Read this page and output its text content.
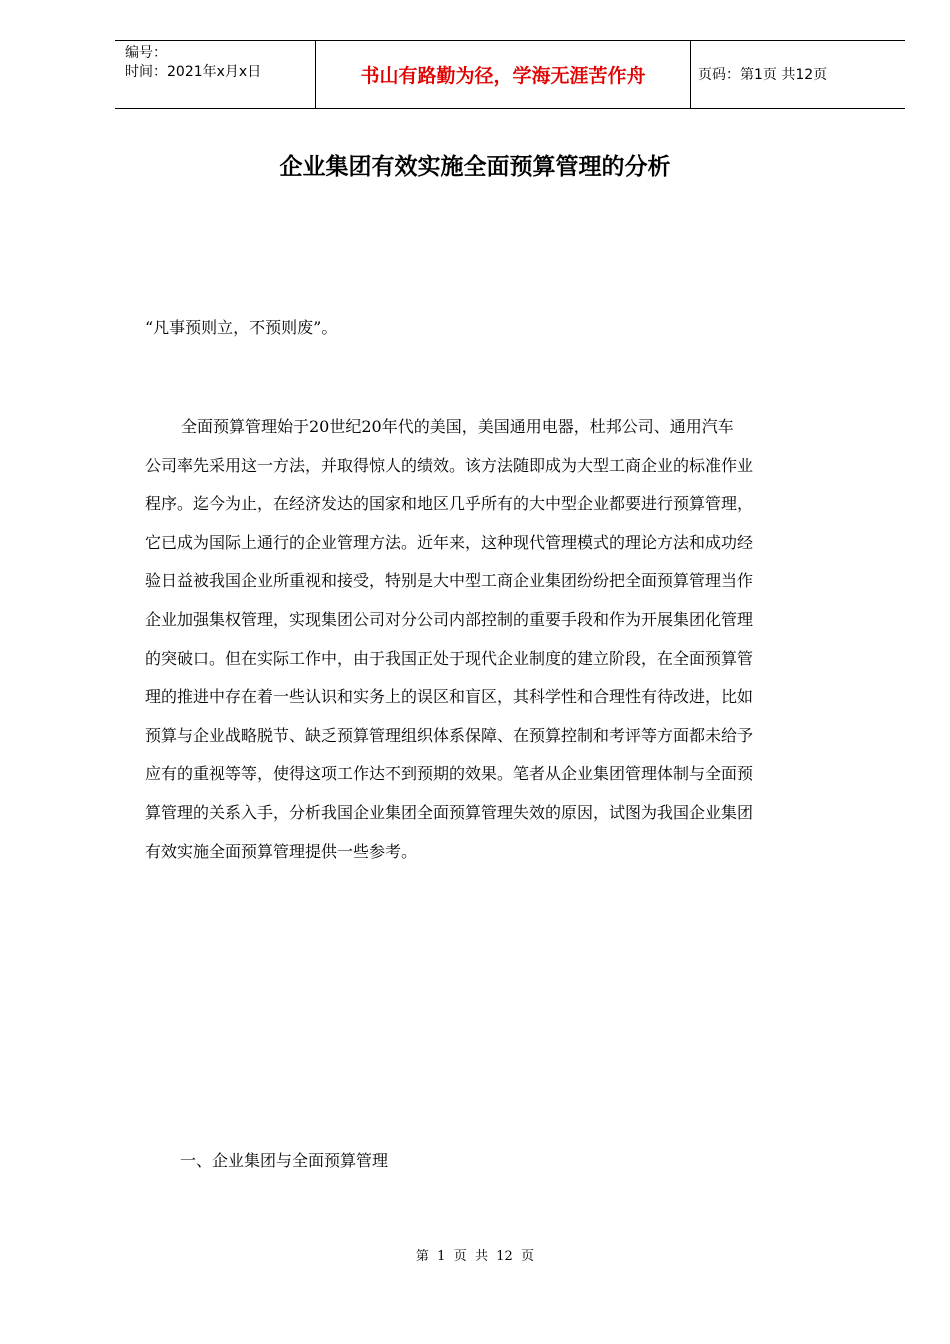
编号：
时间：2021年x月x日	书山有路勤为径，学海无涯苦作舟	页码：第1页 共12页
企业集团有效实施全面预算管理的分析
“凡事预则立，不预则废”。

全面预算管理始于20世纪20年代的美国，美国通用电器，杜邦公司、通用汽车

公司率先采用这一方法，并取得惊人的绩效。该方法随即成为大型工商企业的标准作业

程序。迄今为止，在经济发达的国家和地区几乎所有的大中型企业都要进行预算管理，

它已成为国际上通行的企业管理方法。近年来，这种现代管理模式的理论方法和成功经

验日益被我国企业所重视和接受，特别是大中型工商企业集团纷纷把全面预算管理当作

企业加强集权管理，实现集团公司对分公司内部控制的重要手段和作为开展集团化管理

的突破口。但在实际工作中，由于我国正处于现代企业制度的建立阶段，在全面预算管

理的推进中存在着一些认识和实务上的误区和盲区，其科学性和合理性有待改进，比如

预算与企业战略脱节、缺乏预算管理组织体系保障、在预算控制和考评等方面都未给予

应有的重视等等，使得这项工作达不到预期的效果。笔者从企业集团管理体制与全面预

算管理的关系入手，分析我国企业集团全面预算管理失效的原因，试图为我国企业集团

有效实施全面预算管理提供一些参考。

一、企业集团与全面预算管理
第  1  页  共  12  页
